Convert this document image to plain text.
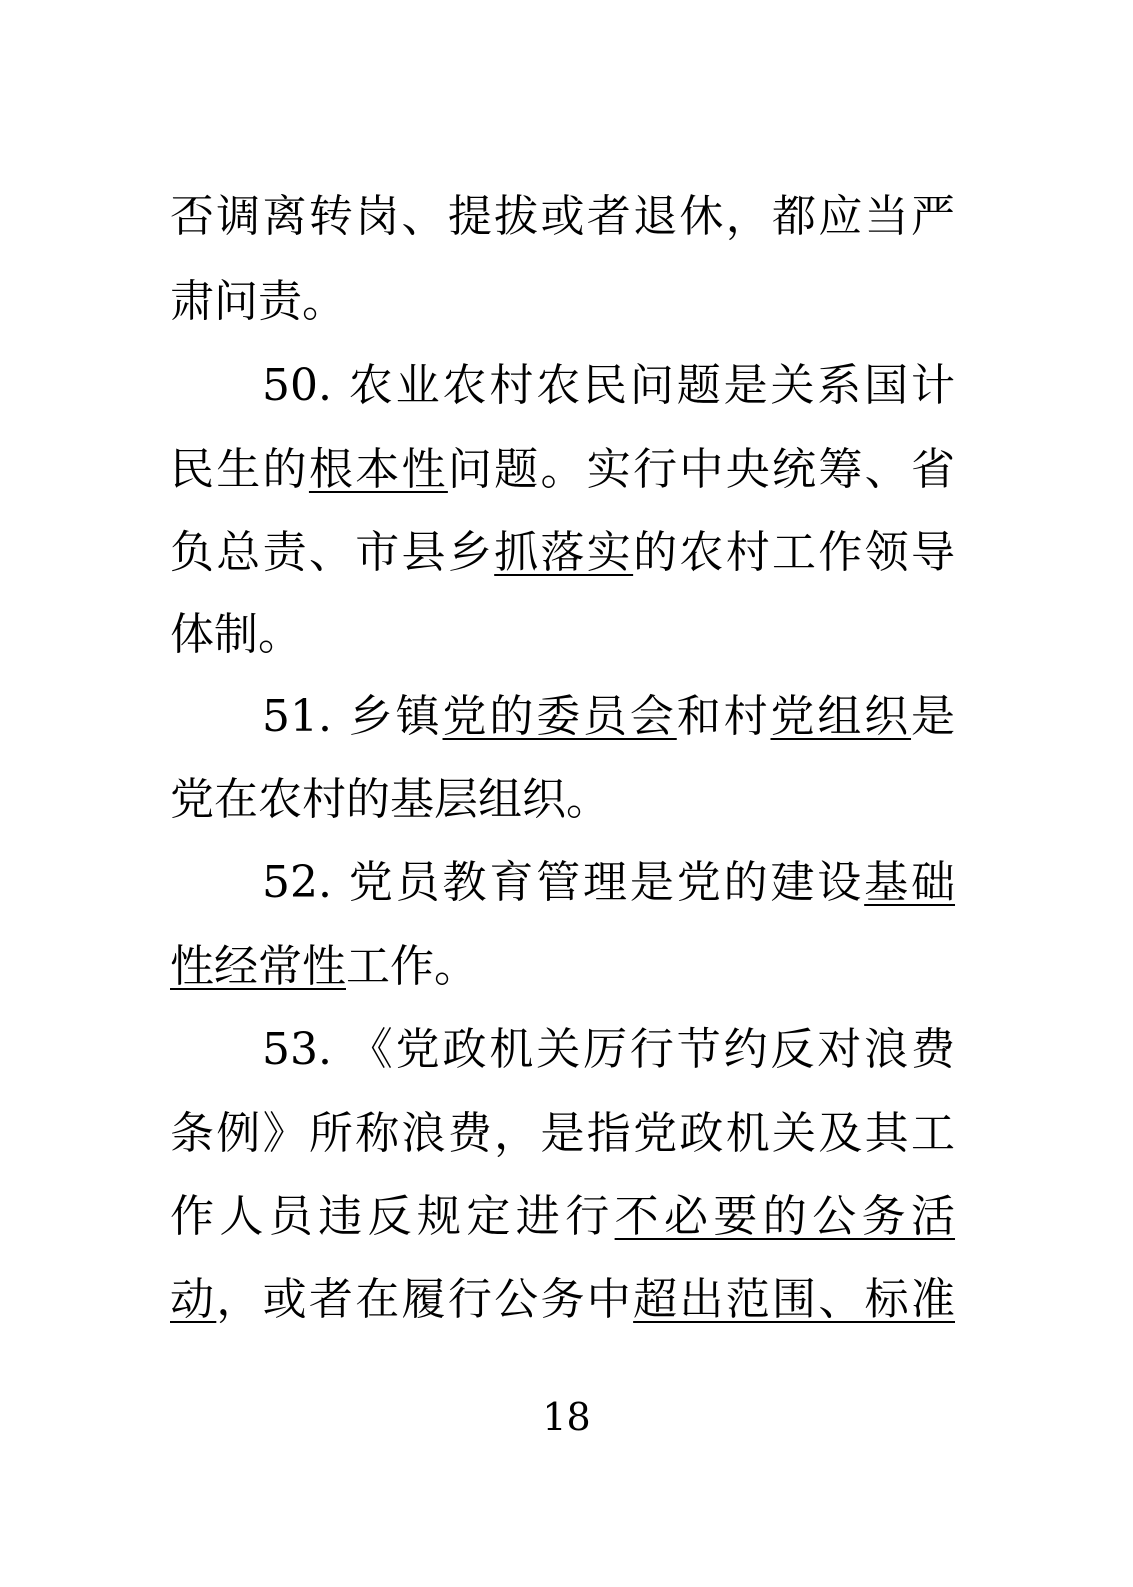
否调离转岗、提拔或者退休，都应当严
肃问责。
50. 农业农村农民问题是关系国计
民生的根本性问题。实行中央统筹、省
负总责、市县乡抓落实的农村工作领导
体制。
51. 乡镇党的委员会和村党组织是
党在农村的基层组织。
52. 党员教育管理是党的建设基础
性经常性工作。
53. 《党政机关厉行节约反对浪费
条例》所称浪费，是指党政机关及其工
作人员违反规定进行不必要的公务活
动，或者在履行公务中超出范围、标准
18
